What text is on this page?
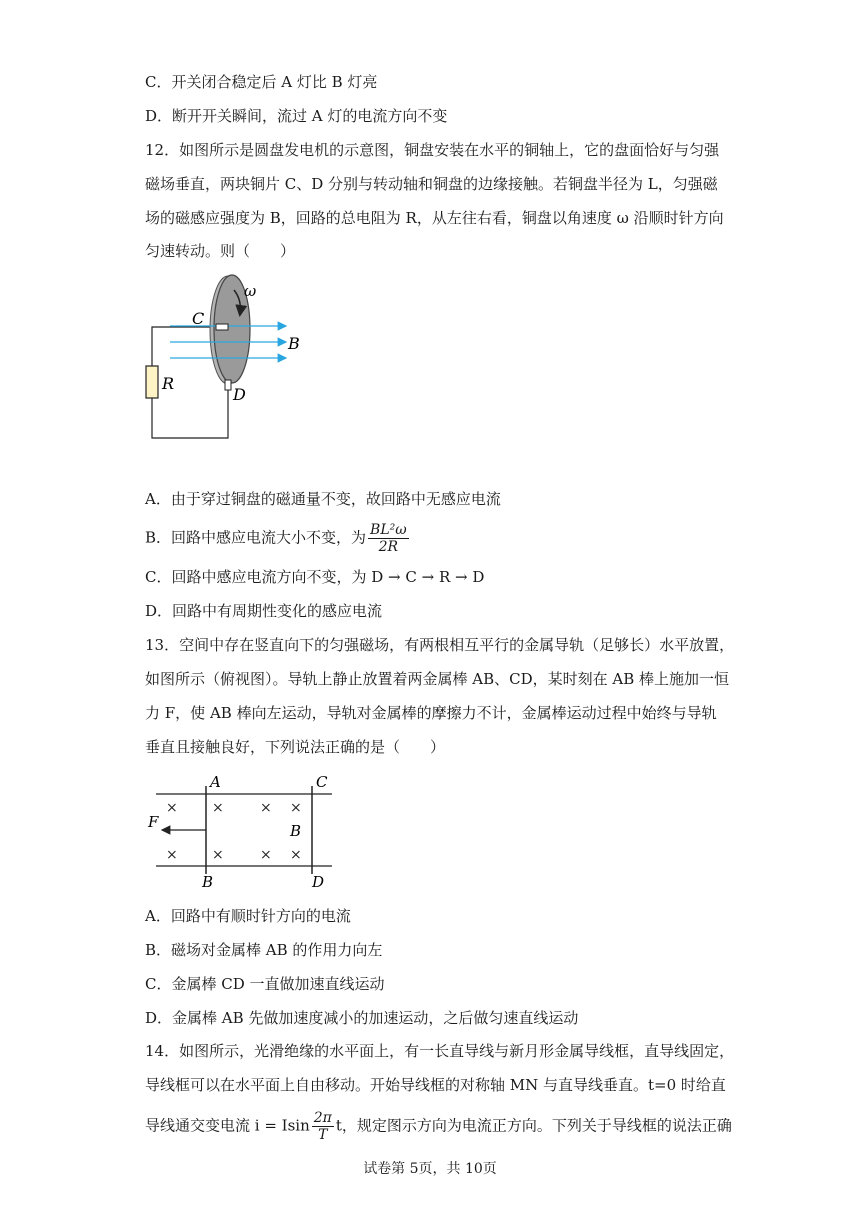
C．开关闭合稳定后 A 灯比 B 灯亮
D．断开开关瞬间，流过 A 灯的电流方向不变
12．如图所示是圆盘发电机的示意图，铜盘安装在水平的铜轴上，它的盘面恰好与匀强
磁场垂直，两块铜片 C、D 分别与转动轴和铜盘的边缘接触。若铜盘半径为 L，匀强磁
场的磁感应强度为 B，回路的总电阻为 R，从左往右看，铜盘以角速度 ω 沿顺时针方向
匀速转动。则（　　）
ω
C
B
R
D
A．由于穿过铜盘的磁通量不变，故回路中无感应电流
B．回路中感应电流大小不变，为 $\frac{\text{BL²ω}}{2R}$
C．回路中感应电流方向不变，为 D → C → R → D
D．回路中有周期性变化的感应电流
13．空间中存在竖直向下的匀强磁场，有两根相互平行的金属导轨（足够长）水平放置，
如图所示（俯视图）。导轨上静止放置着两金属棒 AB、CD，某时刻在 AB 棒上施加一恒
力 F，使 AB 棒向左运动，导轨对金属棒的摩擦力不计，金属棒运动过程中始终与导轨
垂直且接触良好，下列说法正确的是（　　）
× ×	× ×
× ×	× ×
A	C
F	B
B	D
A．回路中有顺时针方向的电流
B．磁场对金属棒 AB 的作用力向左
C．金属棒 CD 一直做加速直线运动
D．金属棒 AB 先做加速度减小的加速运动，之后做匀速直线运动
14．如图所示，光滑绝缘的水平面上，有一长直导线与新月形金属导线框，直导线固定，
导线框可以在水平面上自由移动。开始导线框的对称轴 MN 与直导线垂直。t=0 时给直
导线通交变电流 i = Isin $\frac{2\pi}{T}$ t，规定图示方向为电流正方向。下列关于导线框的说法正确
试卷第 5页，共 10页
